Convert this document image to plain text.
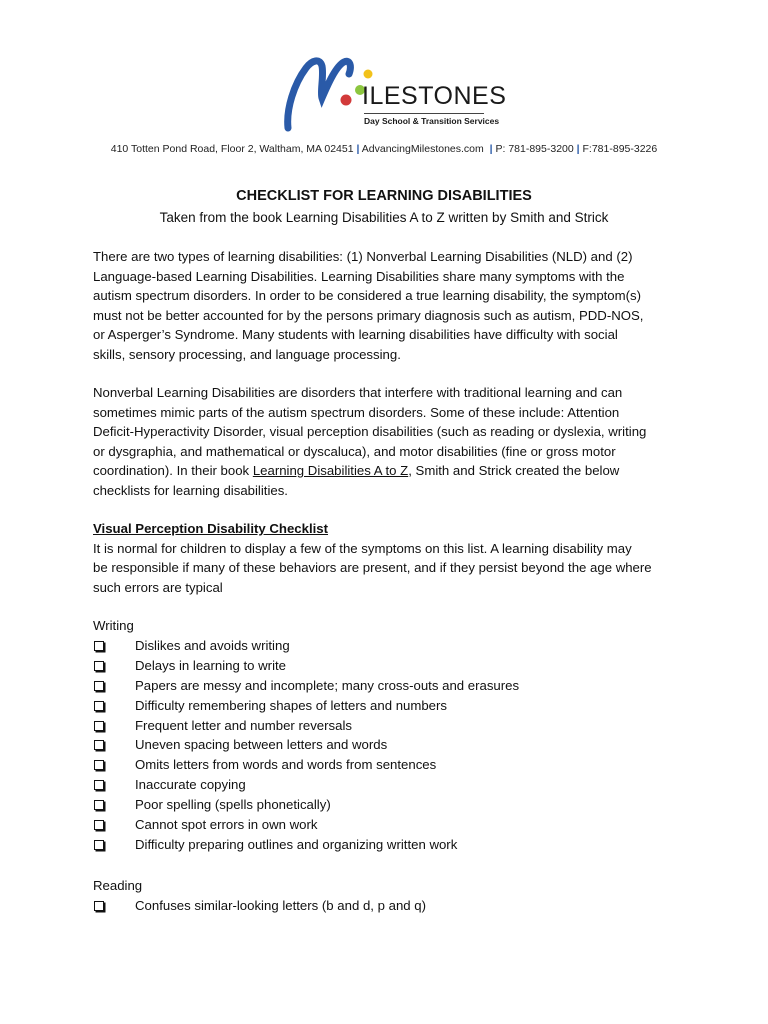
ILESTONES
Day School & Transition Services
410 Totten Pond Road, Floor 2, Waltham, MA 02451 | AdvancingMilestones.com | P: 781-895-3200 | F:781-895-3226
CHECKLIST FOR LEARNING DISABILITIES
Taken from the book Learning Disabilities A to Z written by Smith and Strick
There are two types of learning disabilities: (1) Nonverbal Learning Disabilities (NLD) and (2)
Language-based Learning Disabilities. Learning Disabilities share many symptoms with the
autism spectrum disorders. In order to be considered a true learning disability, the symptom(s)
must not be better accounted for by the persons primary diagnosis such as autism, PDD-NOS,
or Asperger’s Syndrome. Many students with learning disabilities have difficulty with social
skills, sensory processing, and language processing.
Nonverbal Learning Disabilities are disorders that interfere with traditional learning and can
sometimes mimic parts of the autism spectrum disorders. Some of these include: Attention
Deficit-Hyperactivity Disorder, visual perception disabilities (such as reading or dyslexia, writing
or dysgraphia, and mathematical or dyscaluca), and motor disabilities (fine or gross motor
coordination). In their book Learning Disabilities A to Z, Smith and Strick created the below
checklists for learning disabilities.
Visual Perception Disability Checklist
It is normal for children to display a few of the symptoms on this list. A learning disability may
be responsible if many of these behaviors are present, and if they persist beyond the age where
such errors are typical
Writing
Dislikes and avoids writing
Delays in learning to write
Papers are messy and incomplete; many cross-outs and erasures
Difficulty remembering shapes of letters and numbers
Frequent letter and number reversals
Uneven spacing between letters and words
Omits letters from words and words from sentences
Inaccurate copying
Poor spelling (spells phonetically)
Cannot spot errors in own work
Difficulty preparing outlines and organizing written work
Reading
Confuses similar-looking letters (b and d, p and q)
